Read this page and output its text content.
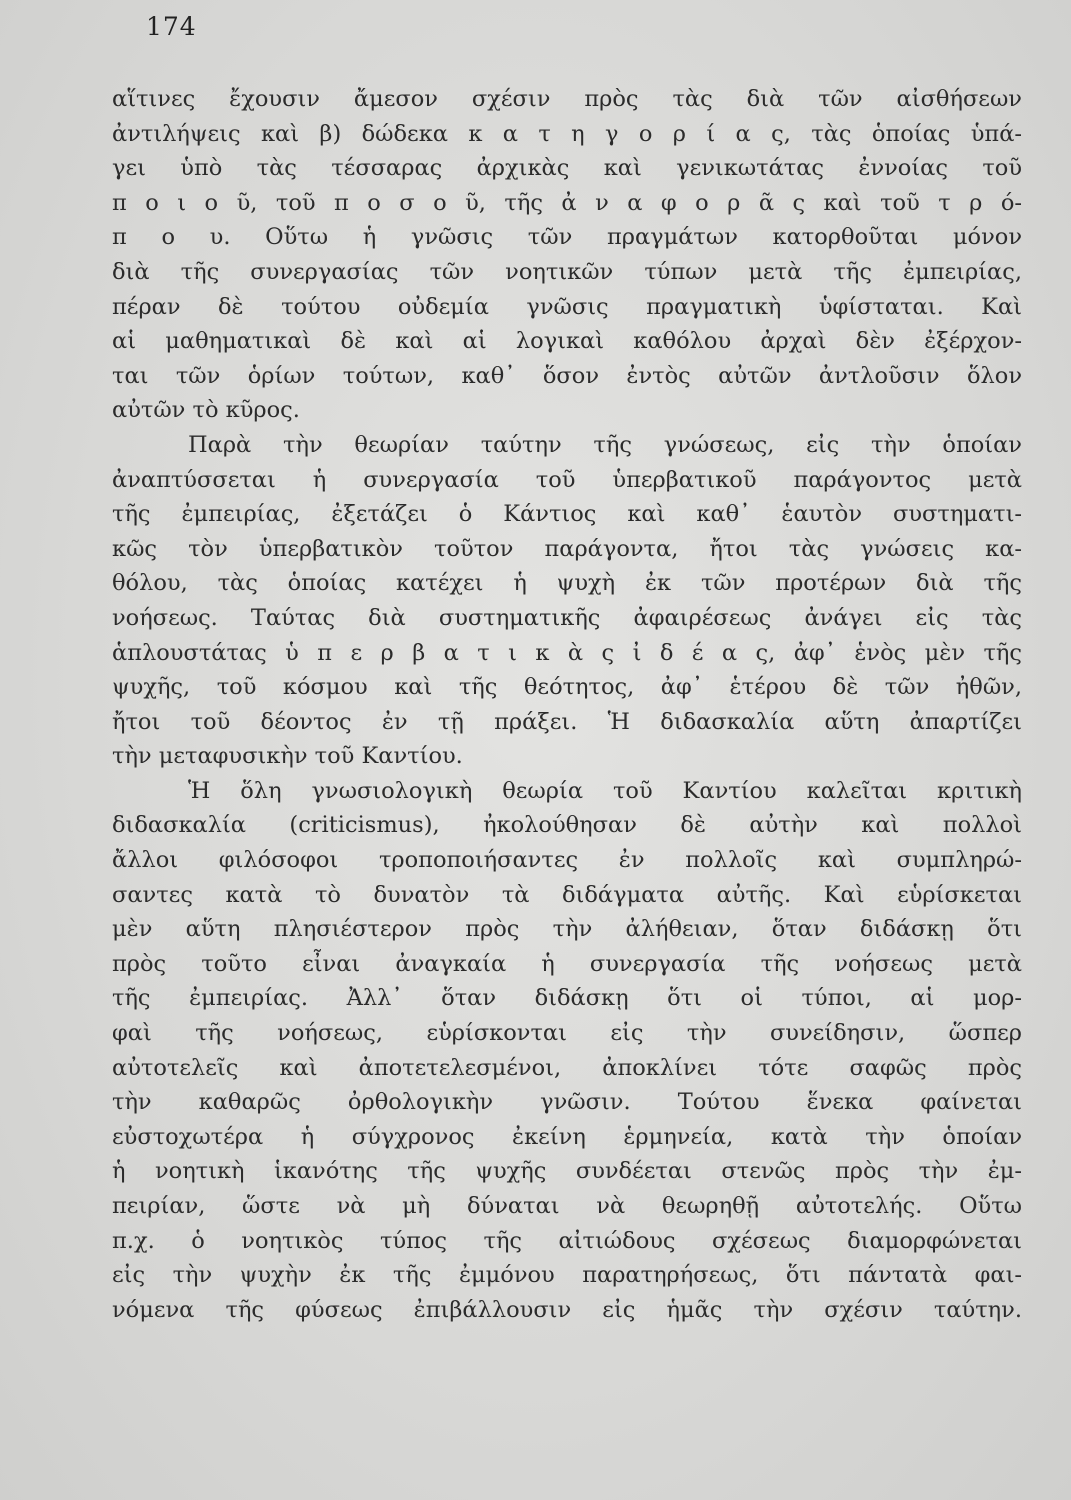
174
αἵτινες ἔχουσιν ἄμεσον σχέσιν πρὸς τὰς διὰ τῶν αἰσθήσεων
ἀντιλήψεις καὶ β) δώδεκα κ α τ η γ ο ρ ί α ς, τὰς ὁποίας ὑπά-
γει ὑπὸ τὰς τέσσαρας ἀρχικὰς καὶ γενικωτάτας ἐννοίας τοῦ
π ο ι ο ῦ, τοῦ π ο σ ο ῦ, τῆς ἀ ν α φ ο ρ ᾶ ς καὶ τοῦ τ ρ ό-
π ο υ. Οὕτω ἡ γνῶσις τῶν πραγμάτων κατορθοῦται μόνον
διὰ τῆς συνεργασίας τῶν νοητικῶν τύπων μετὰ τῆς ἐμπειρίας,
πέραν δὲ τούτου οὐδεμία γνῶσις πραγματικὴ ὑφίσταται. Καὶ
αἱ μαθηματικαὶ δὲ καὶ αἱ λογικαὶ καθόλου ἀρχαὶ δὲν ἐξέρχον-
ται τῶν ὁρίων τούτων, καθ᾽ ὅσον ἐντὸς αὐτῶν ἀντλοῦσιν ὅλον
αὐτῶν τὸ κῦρος.
Παρὰ τὴν θεωρίαν ταύτην τῆς γνώσεως, εἰς τὴν ὁποίαν
ἀναπτύσσεται ἡ συνεργασία τοῦ ὑπερβατικοῦ παράγοντος μετὰ
τῆς ἐμπειρίας, ἐξετάζει ὁ Κάντιος καὶ καθ᾽ ἑαυτὸν συστηματι-
κῶς τὸν ὑπερβατικὸν τοῦτον παράγοντα, ἤτοι τὰς γνώσεις κα-
θόλου, τὰς ὁποίας κατέχει ἡ ψυχὴ ἐκ τῶν προτέρων διὰ τῆς
νοήσεως. Ταύτας διὰ συστηματικῆς ἀφαιρέσεως ἀνάγει εἰς τὰς
ἁπλουστάτας ὑ π ε ρ β α τ ι κ ὰ ς ἰ δ έ α ς, ἀφ᾽ ἑνὸς μὲν τῆς
ψυχῆς, τοῦ κόσμου καὶ τῆς θεότητος, ἀφ᾽ ἑτέρου δὲ τῶν ἠθῶν,
ἤτοι τοῦ δέοντος ἐν τῇ πράξει. Ἡ διδασκαλία αὕτη ἀπαρτίζει
τὴν μεταφυσικὴν τοῦ Καντίου.
Ἡ ὅλη γνωσιολογικὴ θεωρία τοῦ Καντίου καλεῖται κριτικὴ
διδασκαλία (criticismus), ἠκολούθησαν δὲ αὐτὴν καὶ πολλοὶ
ἄλλοι φιλόσοφοι τροποποιήσαντες ἐν πολλοῖς καὶ συμπληρώ-
σαντες κατὰ τὸ δυνατὸν τὰ διδάγματα αὐτῆς. Καὶ εὑρίσκεται
μὲν αὕτη πλησιέστερον πρὸς τὴν ἀλήθειαν, ὅταν διδάσκῃ ὅτι
πρὸς τοῦτο εἶναι ἀναγκαία ἡ συνεργασία τῆς νοήσεως μετὰ
τῆς ἐμπειρίας. Ἀλλ᾽ ὅταν διδάσκῃ ὅτι οἱ τύποι, αἱ μορ-
φαὶ τῆς νοήσεως, εὑρίσκονται εἰς τὴν συνείδησιν, ὥσπερ
αὐτοτελεῖς καὶ ἀποτετελεσμένοι, ἀποκλίνει τότε σαφῶς πρὸς
τὴν καθαρῶς ὀρθολογικὴν γνῶσιν. Τούτου ἕνεκα φαίνεται
εὐστοχωτέρα ἡ σύγχρονος ἐκείνη ἑρμηνεία, κατὰ τὴν ὁποίαν
ἡ νοητικὴ ἱκανότης τῆς ψυχῆς συνδέεται στενῶς πρὸς τὴν ἐμ-
πειρίαν, ὥστε νὰ μὴ δύναται νὰ θεωρηθῇ αὐτοτελής. Οὕτω
π.χ. ὁ νοητικὸς τύπος τῆς αἰτιώδους σχέσεως διαμορφώνεται
εἰς τὴν ψυχὴν ἐκ τῆς ἐμμόνου παρατηρήσεως, ὅτι πάντατὰ φαι-
νόμενα τῆς φύσεως ἐπιβάλλουσιν εἰς ἡμᾶς τὴν σχέσιν ταύτην.
